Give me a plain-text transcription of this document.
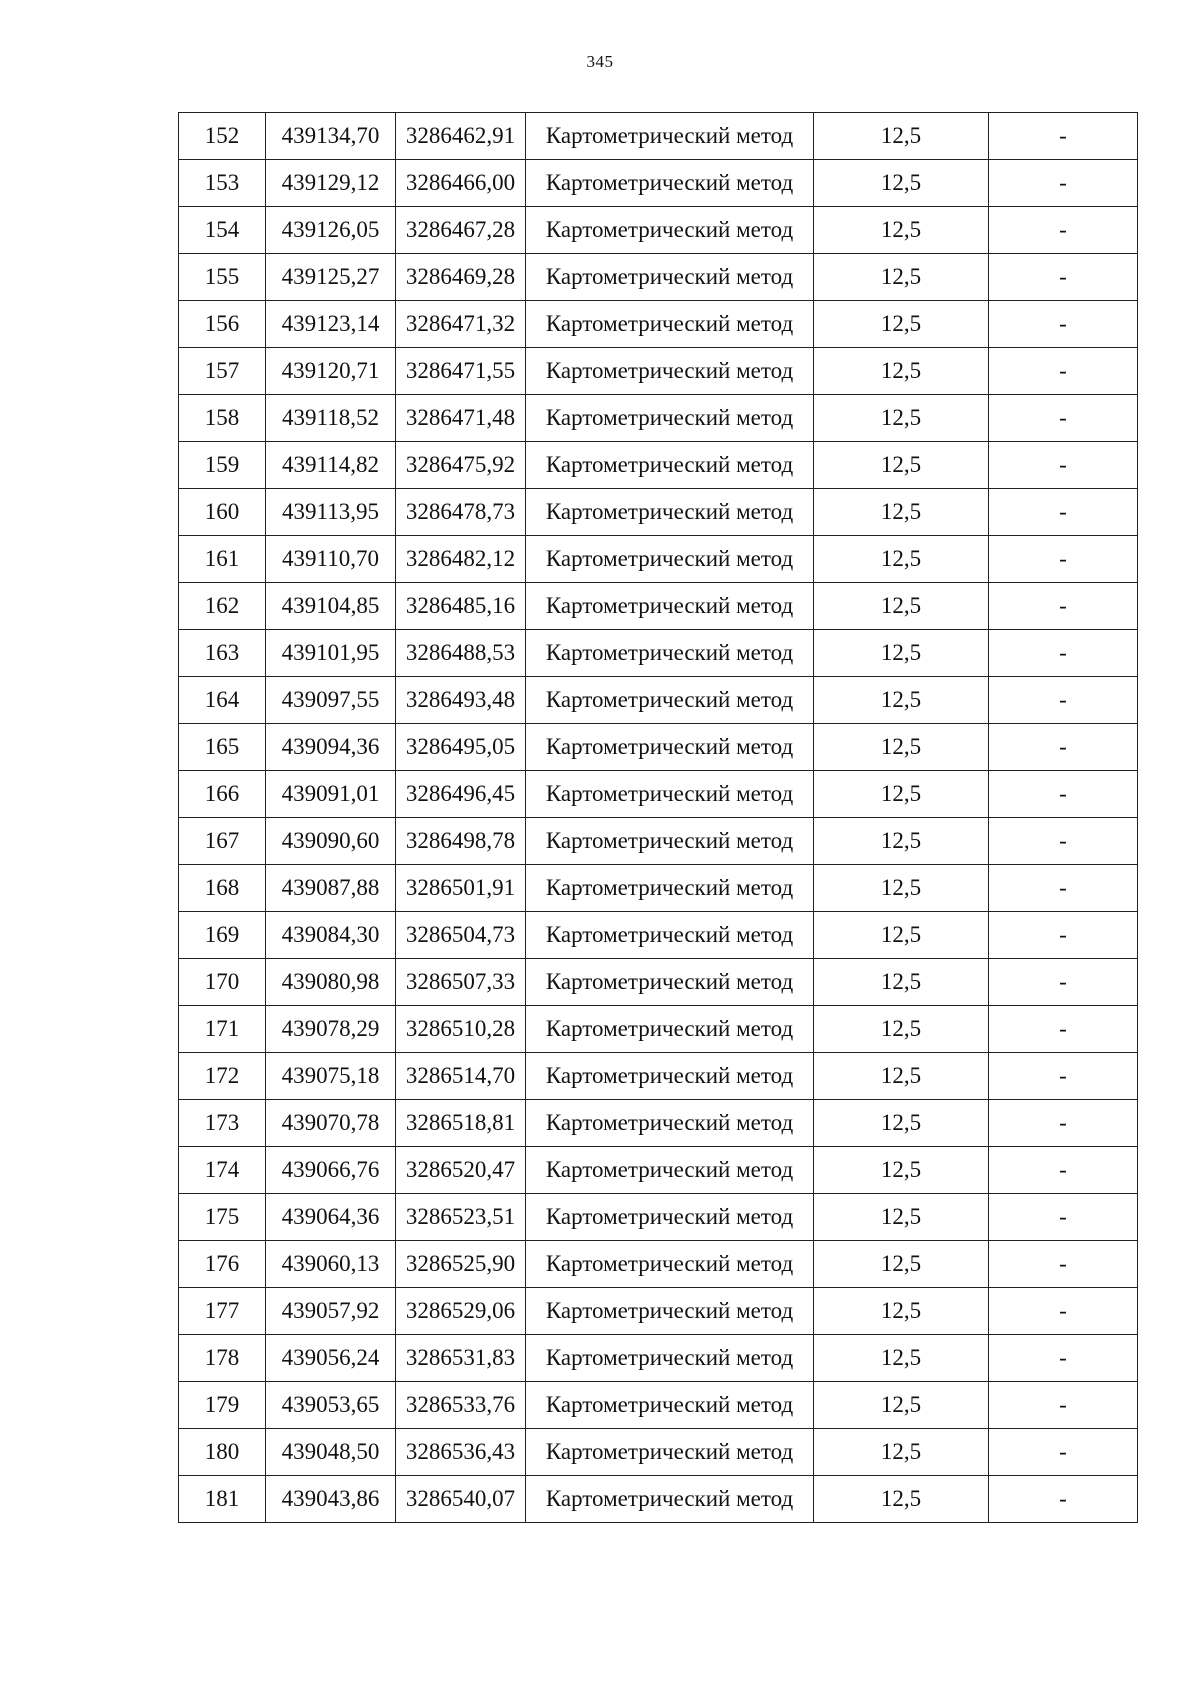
345
152	439134,70	3286462,91	Картометрический метод	12,5	-
153	439129,12	3286466,00	Картометрический метод	12,5	-
154	439126,05	3286467,28	Картометрический метод	12,5	-
155	439125,27	3286469,28	Картометрический метод	12,5	-
156	439123,14	3286471,32	Картометрический метод	12,5	-
157	439120,71	3286471,55	Картометрический метод	12,5	-
158	439118,52	3286471,48	Картометрический метод	12,5	-
159	439114,82	3286475,92	Картометрический метод	12,5	-
160	439113,95	3286478,73	Картометрический метод	12,5	-
161	439110,70	3286482,12	Картометрический метод	12,5	-
162	439104,85	3286485,16	Картометрический метод	12,5	-
163	439101,95	3286488,53	Картометрический метод	12,5	-
164	439097,55	3286493,48	Картометрический метод	12,5	-
165	439094,36	3286495,05	Картометрический метод	12,5	-
166	439091,01	3286496,45	Картометрический метод	12,5	-
167	439090,60	3286498,78	Картометрический метод	12,5	-
168	439087,88	3286501,91	Картометрический метод	12,5	-
169	439084,30	3286504,73	Картометрический метод	12,5	-
170	439080,98	3286507,33	Картометрический метод	12,5	-
171	439078,29	3286510,28	Картометрический метод	12,5	-
172	439075,18	3286514,70	Картометрический метод	12,5	-
173	439070,78	3286518,81	Картометрический метод	12,5	-
174	439066,76	3286520,47	Картометрический метод	12,5	-
175	439064,36	3286523,51	Картометрический метод	12,5	-
176	439060,13	3286525,90	Картометрический метод	12,5	-
177	439057,92	3286529,06	Картометрический метод	12,5	-
178	439056,24	3286531,83	Картометрический метод	12,5	-
179	439053,65	3286533,76	Картометрический метод	12,5	-
180	439048,50	3286536,43	Картометрический метод	12,5	-
181	439043,86	3286540,07	Картометрический метод	12,5	-
